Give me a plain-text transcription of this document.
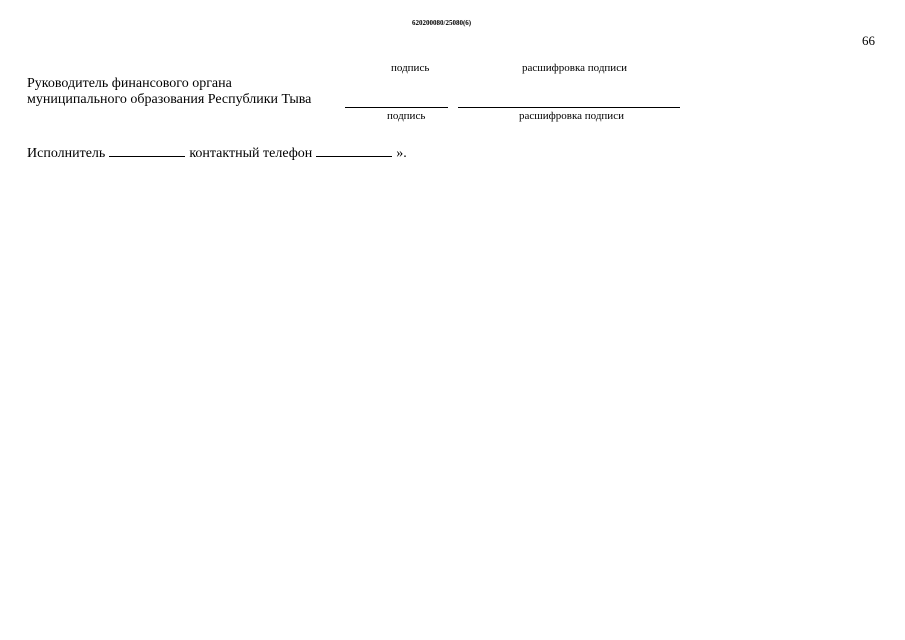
620200080/25080(6)
66
подпись	расшифровка подписи
Руководитель финансового органа
муниципального образования Республики Тыва
подпись	расшифровка подписи
Исполнитель	контактный телефон	».
